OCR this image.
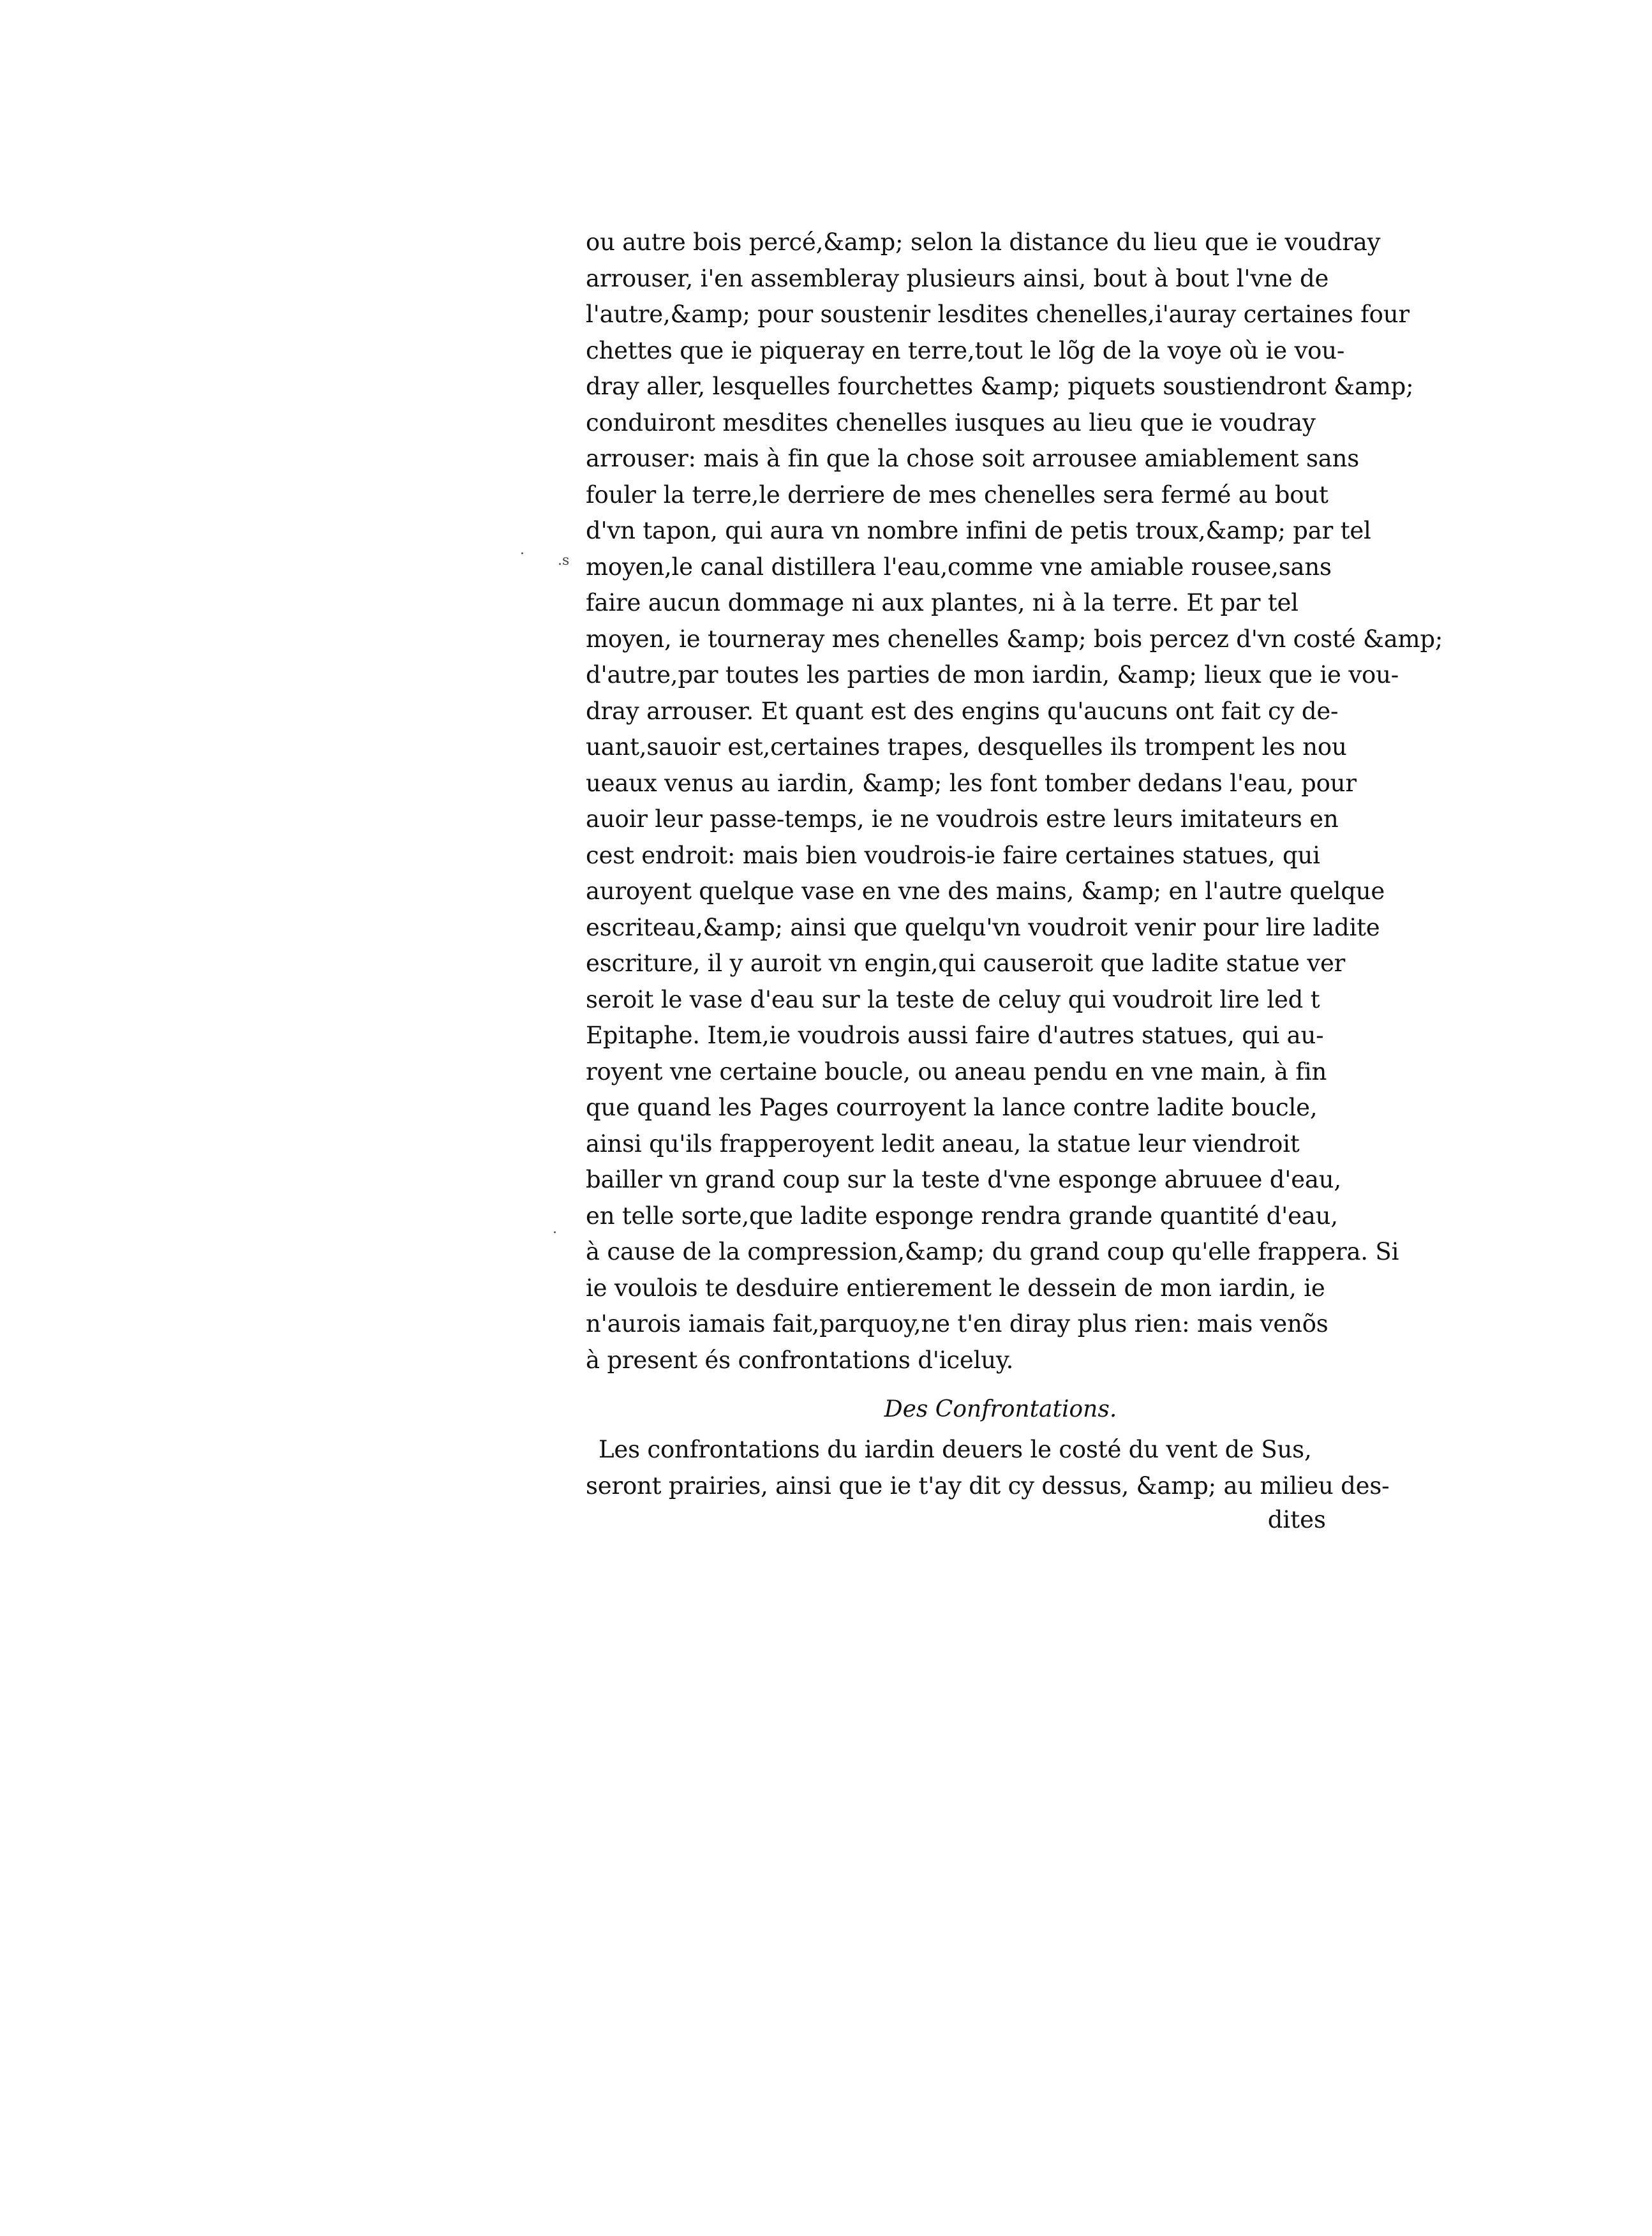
.s
·
·
ou autre bois percé,&amp; selon la distance du lieu que ie voudray
arrouser, i'en assembleray plusieurs ainsi, bout à bout l'vne de
l'autre,&amp; pour soustenir lesdites chenelles,i'auray certaines four
chettes que ie piqueray en terre,tout le lõg de la voye où ie vou-
dray aller, lesquelles fourchettes &amp; piquets soustiendront &amp;
conduiront mesdites chenelles iusques au lieu que ie voudray
arrouser: mais à fin que la chose soit arrousee amiablement sans
fouler la terre,le derriere de mes chenelles sera fermé au bout
d'vn tapon, qui aura vn nombre infini de petis troux,&amp; par tel
moyen,le canal distillera l'eau,comme vne amiable rousee,sans
faire aucun dommage ni aux plantes, ni à la terre. Et par tel
moyen, ie tourneray mes chenelles &amp; bois percez d'vn costé &amp;
d'autre,par toutes les parties de mon iardin, &amp; lieux que ie vou-
dray arrouser. Et quant est des engins qu'aucuns ont fait cy de-
uant,sauoir est,certaines trapes, desquelles ils trompent les nou
ueaux venus au iardin, &amp; les font tomber dedans l'eau, pour
auoir leur passe-temps, ie ne voudrois estre leurs imitateurs en
cest endroit: mais bien voudrois-ie faire certaines statues, qui
auroyent quelque vase en vne des mains, &amp; en l'autre quelque
escriteau,&amp; ainsi que quelqu'vn voudroit venir pour lire ladite
escriture, il y auroit vn engin,qui causeroit que ladite statue ver
seroit le vase d'eau sur la teste de celuy qui voudroit lire led t
Epitaphe. Item,ie voudrois aussi faire d'autres statues, qui au-
royent vne certaine boucle, ou aneau pendu en vne main, à fin
que quand les Pages courroyent la lance contre ladite boucle,
ainsi qu'ils frapperoyent ledit aneau, la statue leur viendroit
bailler vn grand coup sur la teste d'vne esponge abruuee d'eau,
en telle sorte,que ladite esponge rendra grande quantité d'eau,
à cause de la compression,&amp; du grand coup qu'elle frappera. Si
ie voulois te desduire entierement le dessein de mon iardin, ie
n'aurois iamais fait,parquoy,ne t'en diray plus rien: mais venõs
à present és confrontations d'iceluy.
Des Confrontations.
Les confrontations du iardin deuers le costé du vent de Sus,
seront prairies, ainsi que ie t'ay dit cy dessus, &amp; au milieu des-
dites
